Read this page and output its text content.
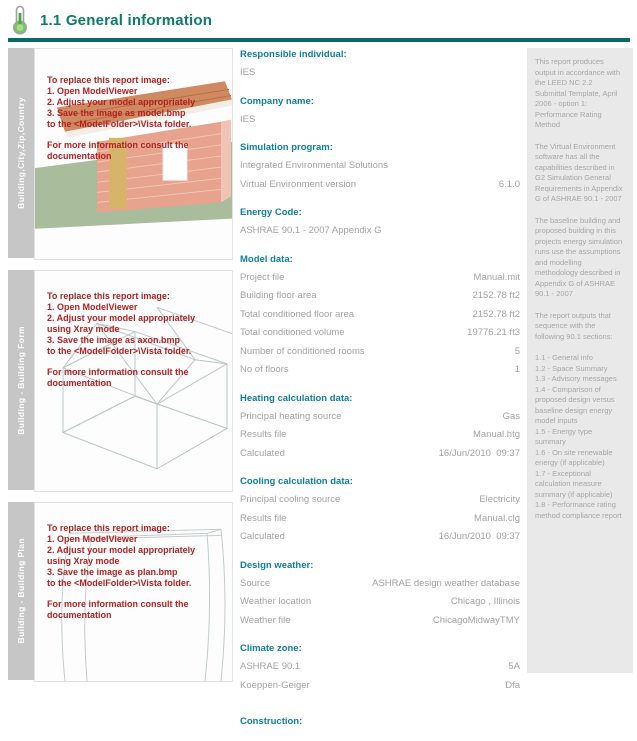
1.1 General information
Building,City,Zip,Country
To replace this report image:
1. Open ModelViewer
2. Adjust your model appropriately
3. Save the image as model.bmp
to the <ModelFolder>\Vista folder.
For more information consult the
documentation
Building - Building Form
To replace this report image:
1. Open ModelViewer
2. Adjust your model appropriately
using Xray mode
3. Save the image as axon.bmp
to the <ModelFolder>\Vista folder.
For more information consult the
documentation
Building - Building Plan
To replace this report image:
1. Open ModelViewer
2. Adjust your model appropriately
using Xray mode
3. Save the image as plan.bmp
to the <ModelFolder>\Vista folder.
For more information consult the
documentation
Responsible individual:
IES
Company name:
IES
Simulation program:
Integrated Environmental Solutions
Virtual Environment version	6.1.0
Energy Code:
ASHRAE 90.1 - 2007 Appendix G
Model data:
Project file	Manual.mit
Building floor area	2152.78 ft2
Total conditioned floor area	2152.78 ft2
Total conditioned volume	19776.21 ft3
Number of conditioned rooms	5
No of floors	1
Heating calculation data:
Principal heating source	Gas
Results file	Manual.htg
Calculated	16/Jun/2010  09:37
Cooling calculation data:
Principal cooling source	Electricity
Results file	Manual.clg
Calculated	16/Jun/2010  09:37
Design weather:
Source	ASHRAE design weather database
Weather location	Chicago , Illinois
Weather file	ChicagoMidwayTMY
Climate zone:
ASHRAE 90.1	5A
Koeppen-Geiger	Dfa
Construction:

This report produces output in accordance with the LEED NC 2.2 Submittal Template, April 2006 - option 1: Performance Rating Method

The Virtual Environment software has all the capabilities described in G2 Simulation General Requirements in Appendix G of ASHRAE 90.1 - 2007

The baseline building and proposed building in this projects energy simulation runs use the assumptions and modelling methodology described in Appendix G of ASHRAE 90.1 - 2007

The report outputs that sequence with the following 90.1 sections:

1.1 - General info
1.2 - Space Summary
1.3 - Advisory messages
1.4 - Comparison of proposed design versus baseline design energy model inputs
1.5 - Energy type summary
1.6 - On site renewable energy (if applicable)
1.7 - Exceptional calculation measure summary (if applicable)
1.8 - Performance rating method compliance report
